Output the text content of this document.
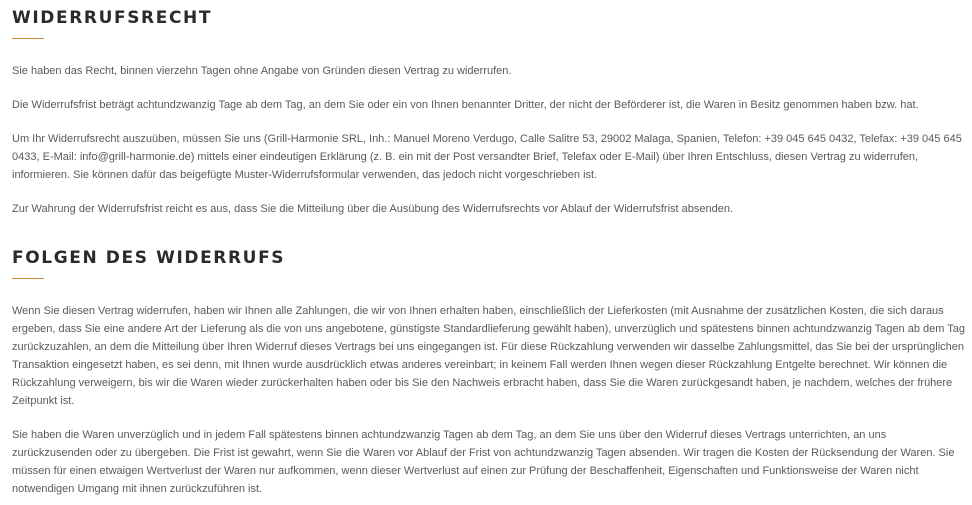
WIDERRUFSRECHT

Sie haben das Recht, binnen vierzehn Tagen ohne Angabe von Gründen diesen Vertrag zu widerrufen.

Die Widerrufsfrist beträgt achtundzwanzig Tage ab dem Tag, an dem Sie oder ein von Ihnen benannter Dritter, der nicht der Beförderer ist, die Waren in Besitz genommen haben bzw. hat.

Um Ihr Widerrufsrecht auszuüben, müssen Sie uns (Grill-Harmonie SRL, Inh.: Manuel Moreno Verdugo, Calle Salitre 53, 29002 Malaga, Spanien, Telefon: +39 045 645 0432, Telefax: +39 045 645 0433, E-Mail: info@grill-harmonie.de) mittels einer eindeutigen Erklärung (z. B. ein mit der Post versandter Brief, Telefax oder E-Mail) über Ihren Entschluss, diesen Vertrag zu widerrufen, informieren. Sie können dafür das beigefügte Muster-Widerrufsformular verwenden, das jedoch nicht vorgeschrieben ist.

Zur Wahrung der Widerrufsfrist reicht es aus, dass Sie die Mitteilung über die Ausübung des Widerrufsrechts vor Ablauf der Widerrufsfrist absenden.

FOLGEN DES WIDERRUFS

Wenn Sie diesen Vertrag widerrufen, haben wir Ihnen alle Zahlungen, die wir von Ihnen erhalten haben, einschließlich der Lieferkosten (mit Ausnahme der zusätzlichen Kosten, die sich daraus ergeben, dass Sie eine andere Art der Lieferung als die von uns angebotene, günstigste Standardlieferung gewählt haben), unverzüglich und spätestens binnen achtundzwanzig Tagen ab dem Tag zurückzuzahlen, an dem die Mitteilung über Ihren Widerruf dieses Vertrags bei uns eingegangen ist. Für diese Rückzahlung verwenden wir dasselbe Zahlungsmittel, das Sie bei der ursprünglichen Transaktion eingesetzt haben, es sei denn, mit Ihnen wurde ausdrücklich etwas anderes vereinbart; in keinem Fall werden Ihnen wegen dieser Rückzahlung Entgelte berechnet. Wir können die Rückzahlung verweigern, bis wir die Waren wieder zurückerhalten haben oder bis Sie den Nachweis erbracht haben, dass Sie die Waren zurückgesandt haben, je nachdem, welches der frühere Zeitpunkt ist.

Sie haben die Waren unverzüglich und in jedem Fall spätestens binnen achtundzwanzig Tagen ab dem Tag, an dem Sie uns über den Widerruf dieses Vertrags unterrichten, an uns zurückzusenden oder zu übergeben. Die Frist ist gewahrt, wenn Sie die Waren vor Ablauf der Frist von achtundzwanzig Tagen absenden. Wir tragen die Kosten der Rücksendung der Waren. Sie müssen für einen etwaigen Wertverlust der Waren nur aufkommen, wenn dieser Wertverlust auf einen zur Prüfung der Beschaffenheit, Eigenschaften und Funktionsweise der Waren nicht notwendigen Umgang mit ihnen zurückzuführen ist.
